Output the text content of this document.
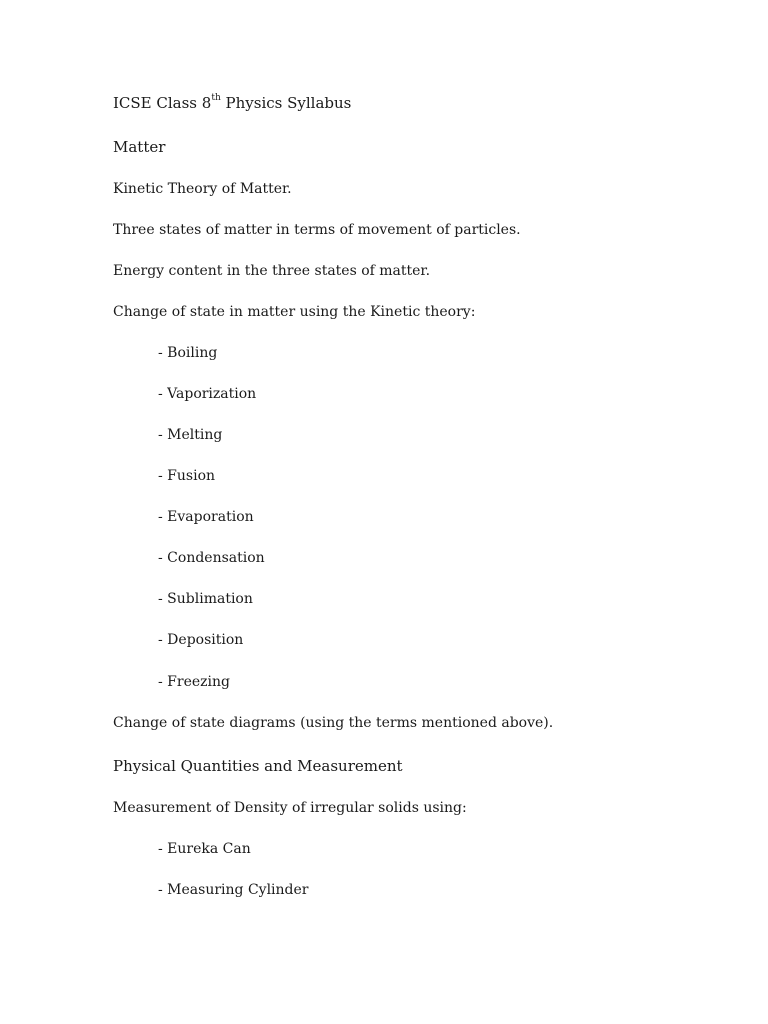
ICSE Class 8th Physics Syllabus
Matter
Kinetic Theory of Matter.
Three states of matter in terms of movement of particles.
Energy content in the three states of matter.
Change of state in matter using the Kinetic theory:
- Boiling
- Vaporization
- Melting
- Fusion
- Evaporation
- Condensation
- Sublimation
- Deposition
- Freezing
Change of state diagrams (using the terms mentioned above).
Physical Quantities and Measurement
Measurement of Density of irregular solids using:
- Eureka Can
- Measuring Cylinder
